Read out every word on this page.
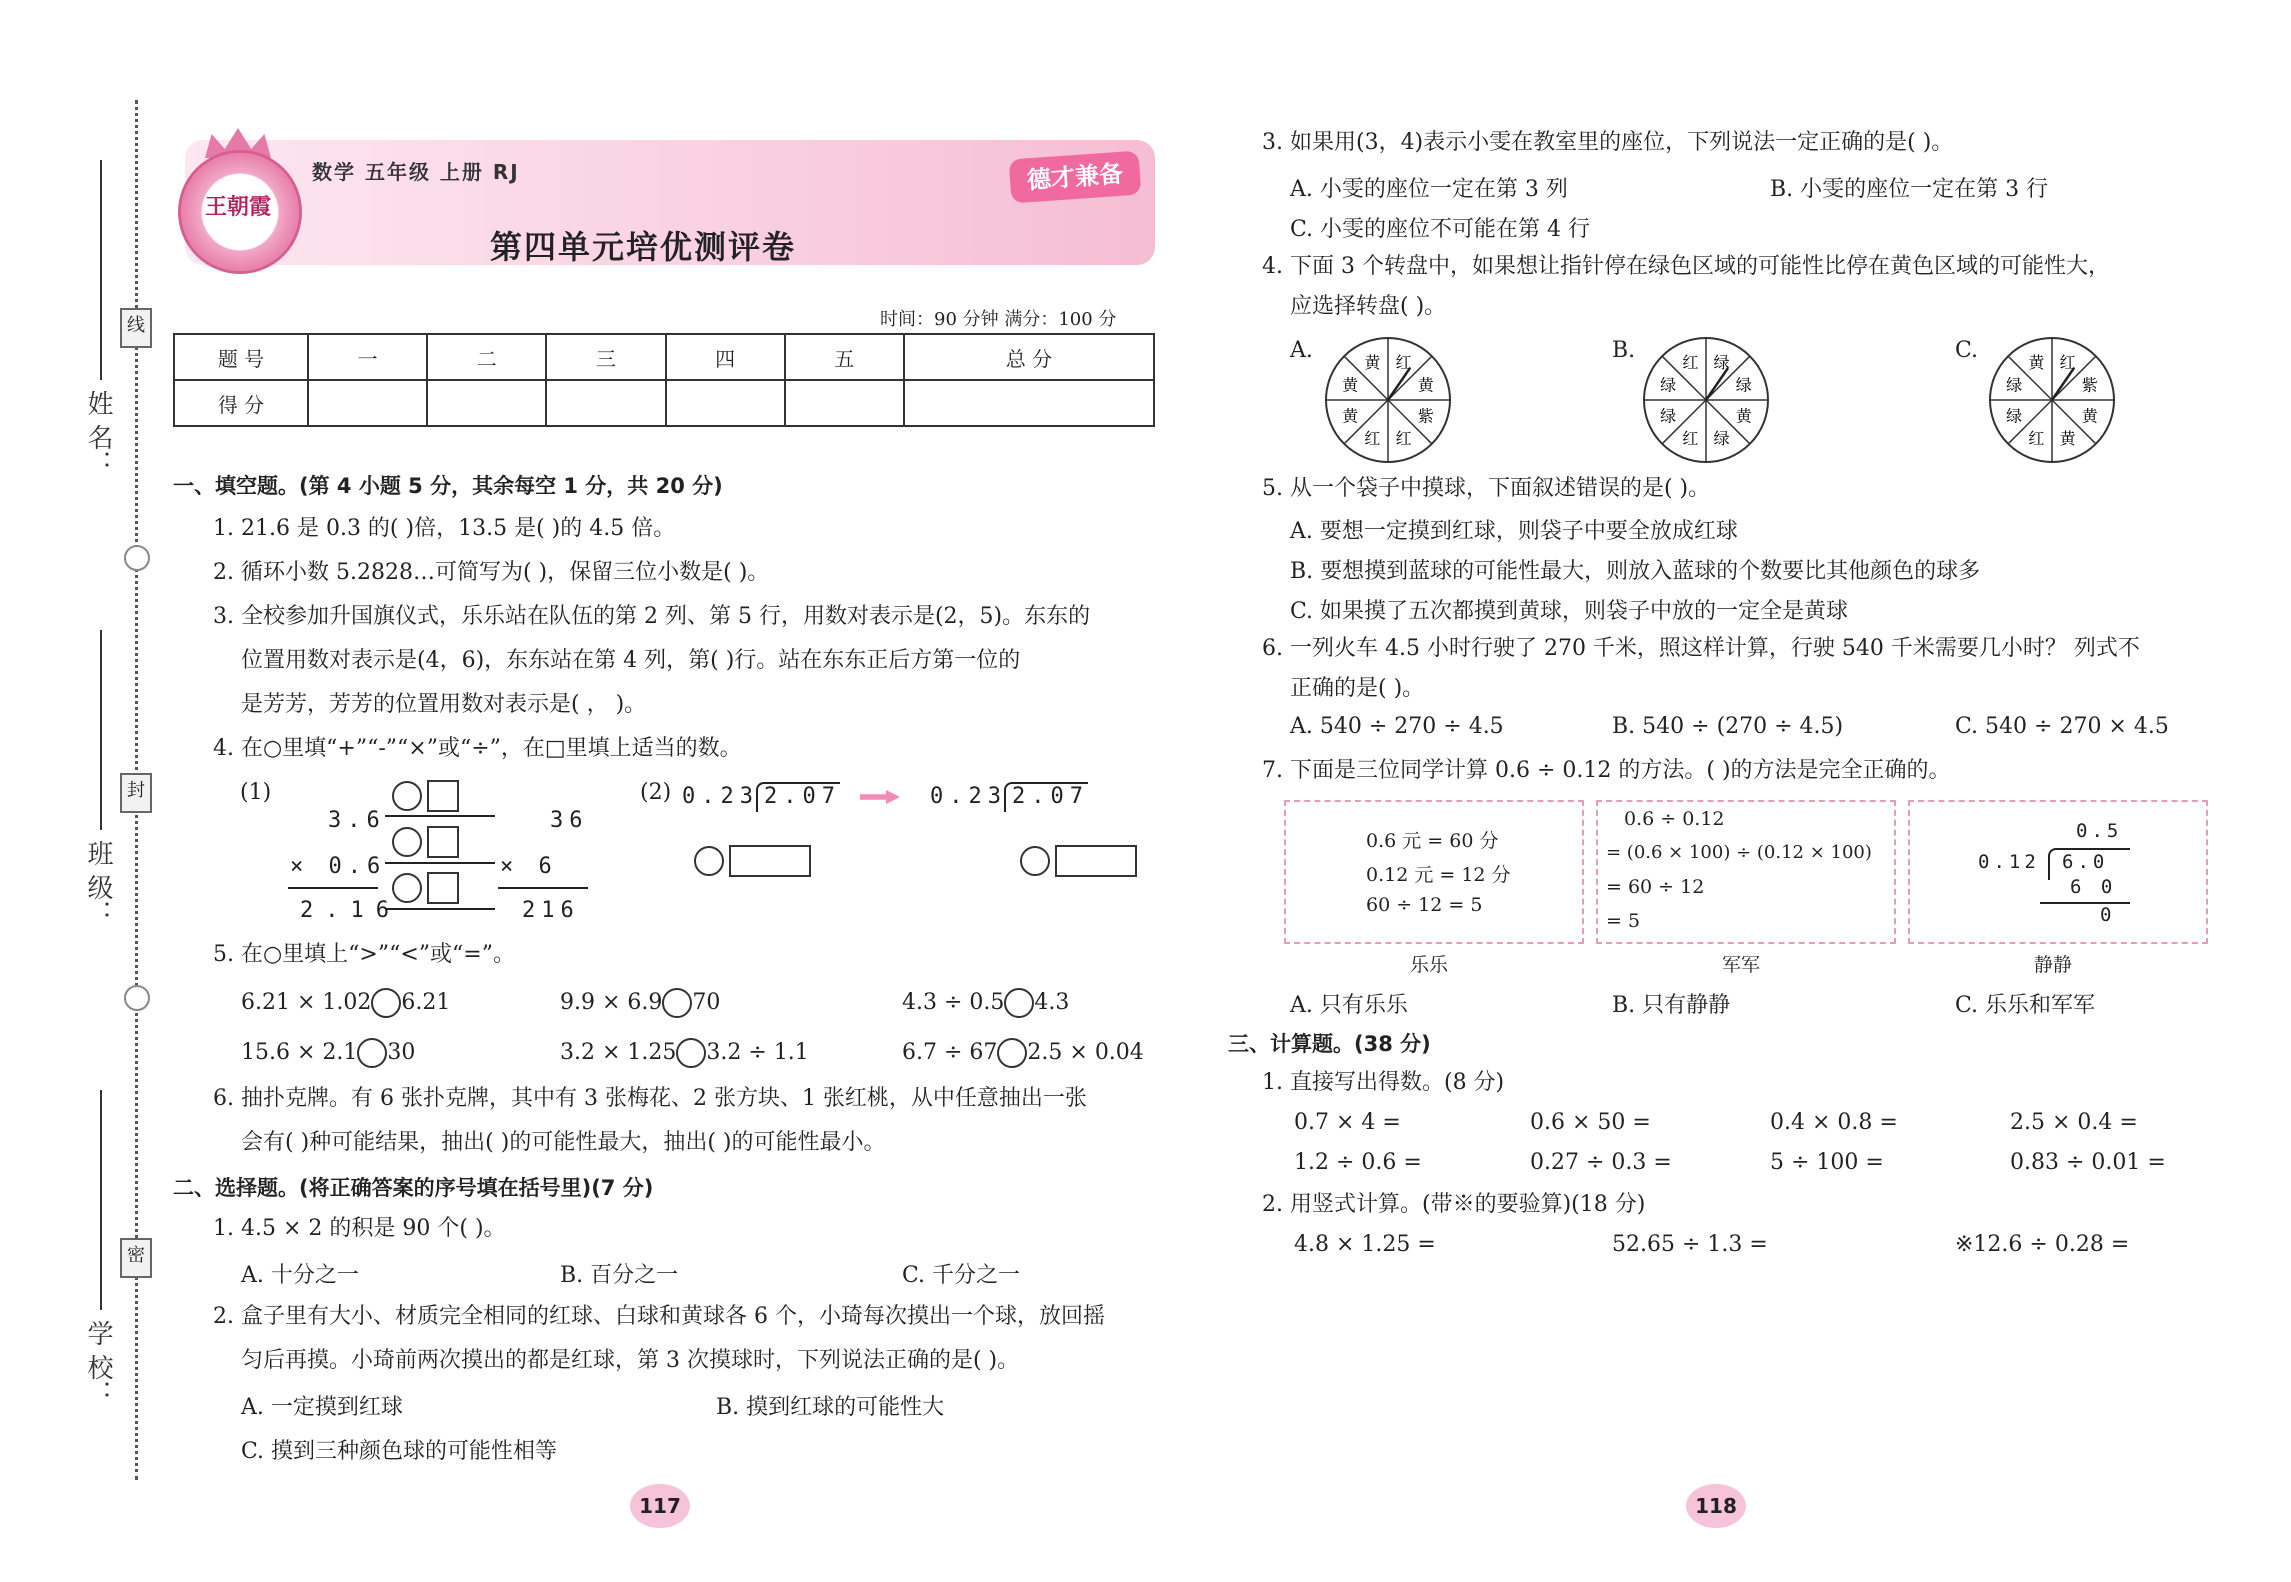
姓 名：
班 级：
学 校：
线
封
密
王朝霞
数学 五年级 上册 RJ
第四单元培优测评卷
德才兼备
时间：90 分钟 满分：100 分
题 号	一	二	三	四	五	总 分
得 分						
一、填空题。(第 4 小题 5 分，其余每空 1 分，共 20 分)
1. 21.6 是 0.3 的( )倍，13.5 是( )的 4.5 倍。
2. 循环小数 5.2828…可简写为( )，保留三位小数是( )。
3. 全校参加升国旗仪式，乐乐站在队伍的第 2 列、第 5 行，用数对表示是(2，5)。东东的
位置用数对表示是(4，6)，东东站在第 4 列，第( )行。站在东东正后方第一位的
是芳芳，芳芳的位置用数对表示是( ， )。
4. 在○里填“+”“-”“×”或“÷”，在□里填上适当的数。
(1)
3.6
× 0.6
2.16
36
× 6
216

(2) 0.23 2.07
	0.23 2.07

5. 在○里填上“>”“<”或“=”。
6.21 × 1.02 6.21	9.9 × 6.9 70	4.3 ÷ 0.5 4.3
15.6 × 2.1 30	3.2 × 1.25 3.2 ÷ 1.1	6.7 ÷ 67 2.5 × 0.04
6. 抽扑克牌。有 6 张扑克牌，其中有 3 张梅花、2 张方块、1 张红桃，从中任意抽出一张
会有( )种可能结果，抽出( )的可能性最大，抽出( )的可能性最小。
二、选择题。(将正确答案的序号填在括号里)(7 分)
1. 4.5 × 2 的积是 90 个( )。
A. 十分之一	B. 百分之一	C. 千分之一
2. 盒子里有大小、材质完全相同的红球、白球和黄球各 6 个，小琦每次摸出一个球，放回摇
匀后再摸。小琦前两次摸出的都是红球，第 3 次摸球时，下列说法正确的是( )。
A. 一定摸到红球	B. 摸到红球的可能性大
C. 摸到三种颜色球的可能性相等
117
3. 如果用(3，4)表示小雯在教室里的座位，下列说法一定正确的是( )。
A. 小雯的座位一定在第 3 列	B. 小雯的座位一定在第 3 行
C. 小雯的座位不可能在第 4 行
4. 下面 3 个转盘中，如果想让指针停在绿色区域的可能性比停在黄色区域的可能性大，
应选择转盘( )。
A.	红
黄
紫
红
红
黄
黄
黄	B.	绿
绿
黄
绿
红
绿
绿
红	C.	红
紫
黄
黄
红
绿
绿
黄
5. 从一个袋子中摸球，下面叙述错误的是( )。
A. 要想一定摸到红球，则袋子中要全放成红球
B. 要想摸到蓝球的可能性最大，则放入蓝球的个数要比其他颜色的球多
C. 如果摸了五次都摸到黄球，则袋子中放的一定全是黄球
6. 一列火车 4.5 小时行驶了 270 千米，照这样计算，行驶 540 千米需要几小时？ 列式不
正确的是( )。
A. 540 ÷ 270 ÷ 4.5	B. 540 ÷ (270 ÷ 4.5)	C. 540 ÷ 270 × 4.5
7. 下面是三位同学计算 0.6 ÷ 0.12 的方法。( )的方法是完全正确的。
0.6 元 = 60 分
0.12 元 = 12 分
60 ÷ 12 = 5
0.6 ÷ 0.12
= (0.6 × 100) ÷ (0.12 × 100)
= 60 ÷ 12
= 5
0.5
0.12 6.0
6 0
0
乐乐	军军	静静
A. 只有乐乐	B. 只有静静	C. 乐乐和军军
三、计算题。(38 分)
1. 直接写出得数。(8 分)
0.7 × 4 =	0.6 × 50 =	0.4 × 0.8 =	2.5 × 0.4 =
1.2 ÷ 0.6 =	0.27 ÷ 0.3 =	5 ÷ 100 =	0.83 ÷ 0.01 =
2. 用竖式计算。(带※的要验算)(18 分)
4.8 × 1.25 =	52.65 ÷ 1.3 =	※12.6 ÷ 0.28 =
118
